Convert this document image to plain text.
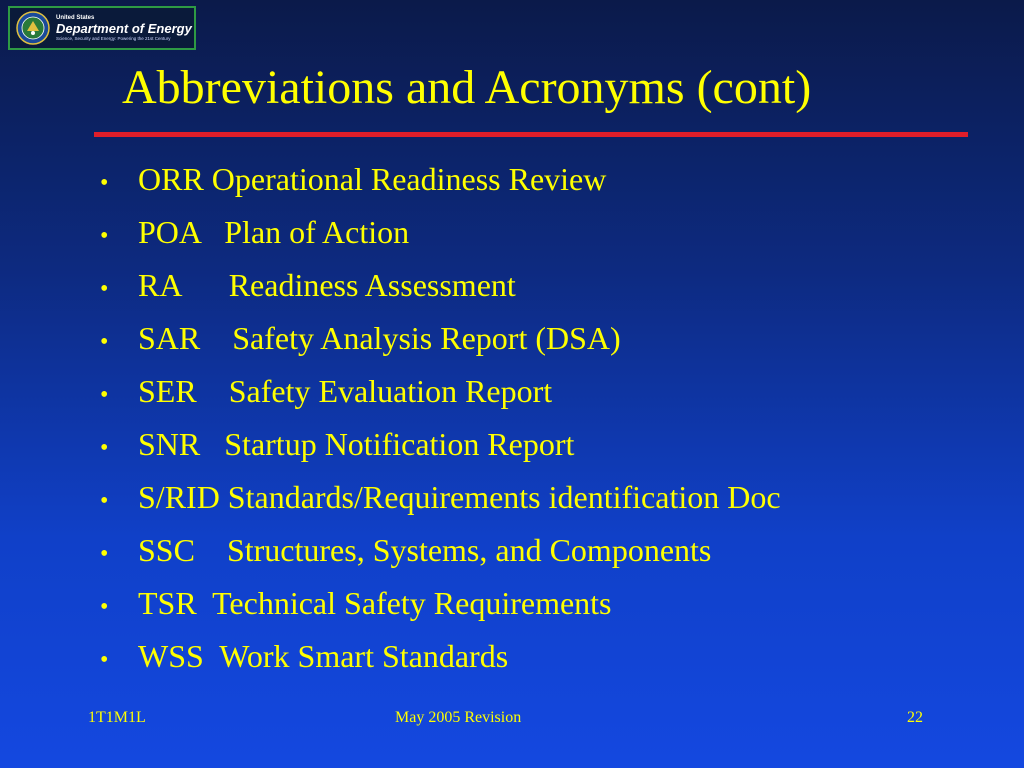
United States
Department of Energy
Science, Security and Energy: Powering the 21st Century
Abbreviations and Acronyms (cont)
• ORR Operational Readiness Review
• POA   Plan of Action
• RA      Readiness Assessment
• SAR    Safety Analysis Report (DSA)
• SER    Safety Evaluation Report
• SNR   Startup Notification Report
• S/RID Standards/Requirements identification Doc
• SSC    Structures, Systems, and Components
• TSR  Technical Safety Requirements
• WSS  Work Smart Standards
1T1M1L	May 2005 Revision	22
